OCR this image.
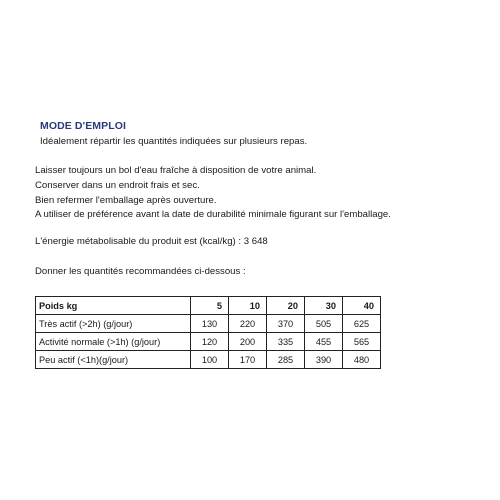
MODE D'EMPLOI
Idéalement répartir les quantités indiquées sur plusieurs repas.
Laisser toujours un bol d'eau fraîche à disposition de votre animal.
Conserver dans un endroit frais et sec.
Bien refermer l'emballage après ouverture.
A utiliser de préférence avant la date de durabilité minimale figurant sur l'emballage.
L'énergie métabolisable du produit est (kcal/kg) : 3 648
Donner les quantités recommandées ci-dessous :
Poids kg	5	10	20	30	40
Très actif (>2h) (g/jour)	130	220	370	505	625
Activité normale (>1h) (g/jour)	120	200	335	455	565
Peu actif (<1h)(g/jour)	100	170	285	390	480
